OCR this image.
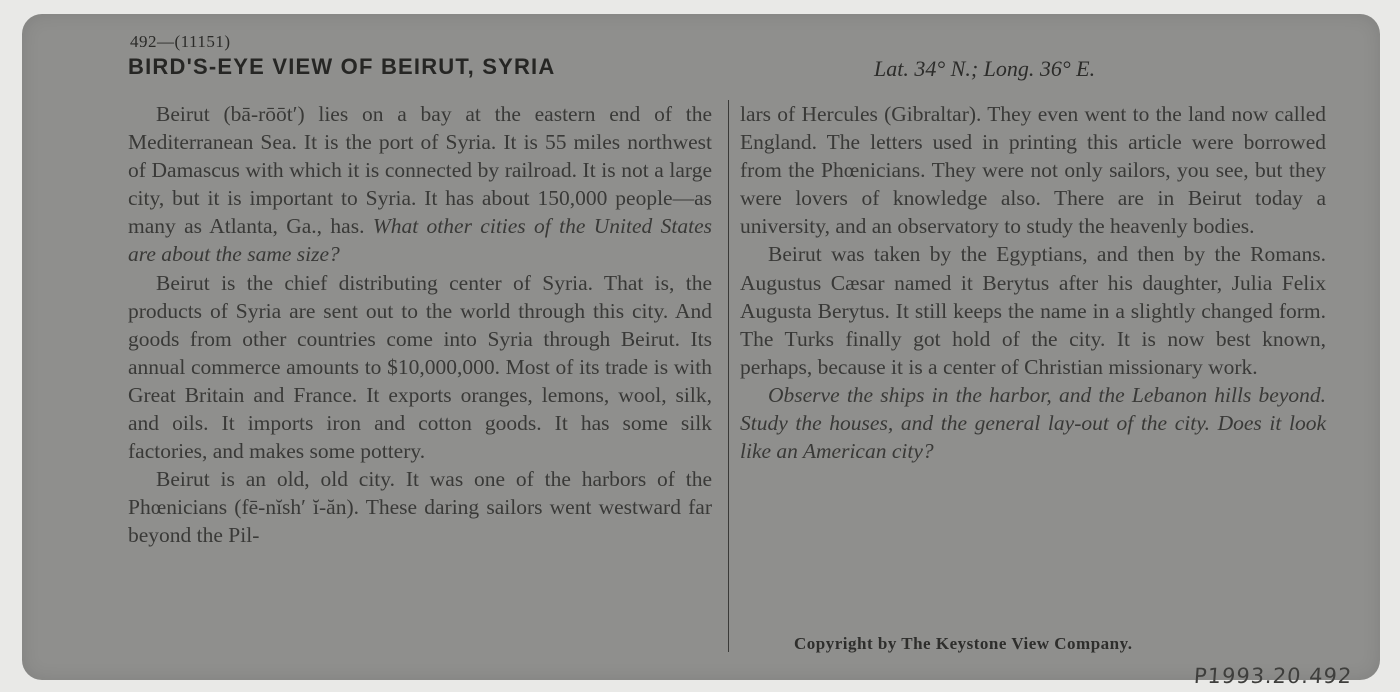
492—(11151)
BIRD'S-EYE VIEW OF BEIRUT, SYRIA	Lat. 34° N.; Long. 36° E.

Beirut (bā-rōōt′) lies on a bay at the eastern end of the Mediterranean Sea. It is the port of Syria. It is 55 miles northwest of Damascus with which it is connected by railroad. It is not a large city, but it is important to Syria. It has about 150,000 people—as many as Atlanta, Ga., has. What other cities of the United States are about the same size?

Beirut is the chief distributing center of Syria. That is, the products of Syria are sent out to the world through this city. And goods from other countries come into Syria through Beirut. Its annual commerce amounts to $10,000,000. Most of its trade is with Great Britain and France. It exports oranges, lemons, wool, silk, and oils. It imports iron and cotton goods. It has some silk factories, and makes some pottery.

Beirut is an old, old city. It was one of the harbors of the Phœnicians (fē-nĭsh′ ĭ-ăn). These daring sailors went westward far beyond the Pil-

lars of Hercules (Gibraltar). They even went to the land now called England. The letters used in printing this article were borrowed from the Phœnicians. They were not only sailors, you see, but they were lovers of knowledge also. There are in Beirut today a university, and an observatory to study the heavenly bodies.

Beirut was taken by the Egyptians, and then by the Romans. Augustus Cæsar named it Berytus after his daughter, Julia Felix Augusta Berytus. It still keeps the name in a slightly changed form. The Turks finally got hold of the city. It is now best known, perhaps, because it is a center of Christian missionary work.

Observe the ships in the harbor, and the Lebanon hills beyond. Study the houses, and the general lay-out of the city. Does it look like an American city?

Copyright by The Keystone View Company.
P1993.20.492
